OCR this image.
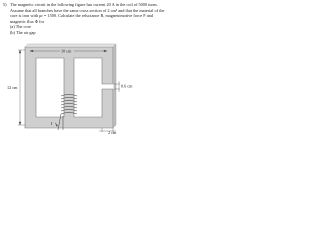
5) The magnetic circuit in the following figure has current 20 A in the coil of 5000 turns.
Assume that all branches have the same cross section of 2 cm² and that the material of the
core is iron with μr = 1500. Calculate the reluctance R, magnetomotive force F and
magnetic flux Φ for
(a) The core
(b) The air gap
I
10 cm
12 cm	0.6 cm
2 cm
